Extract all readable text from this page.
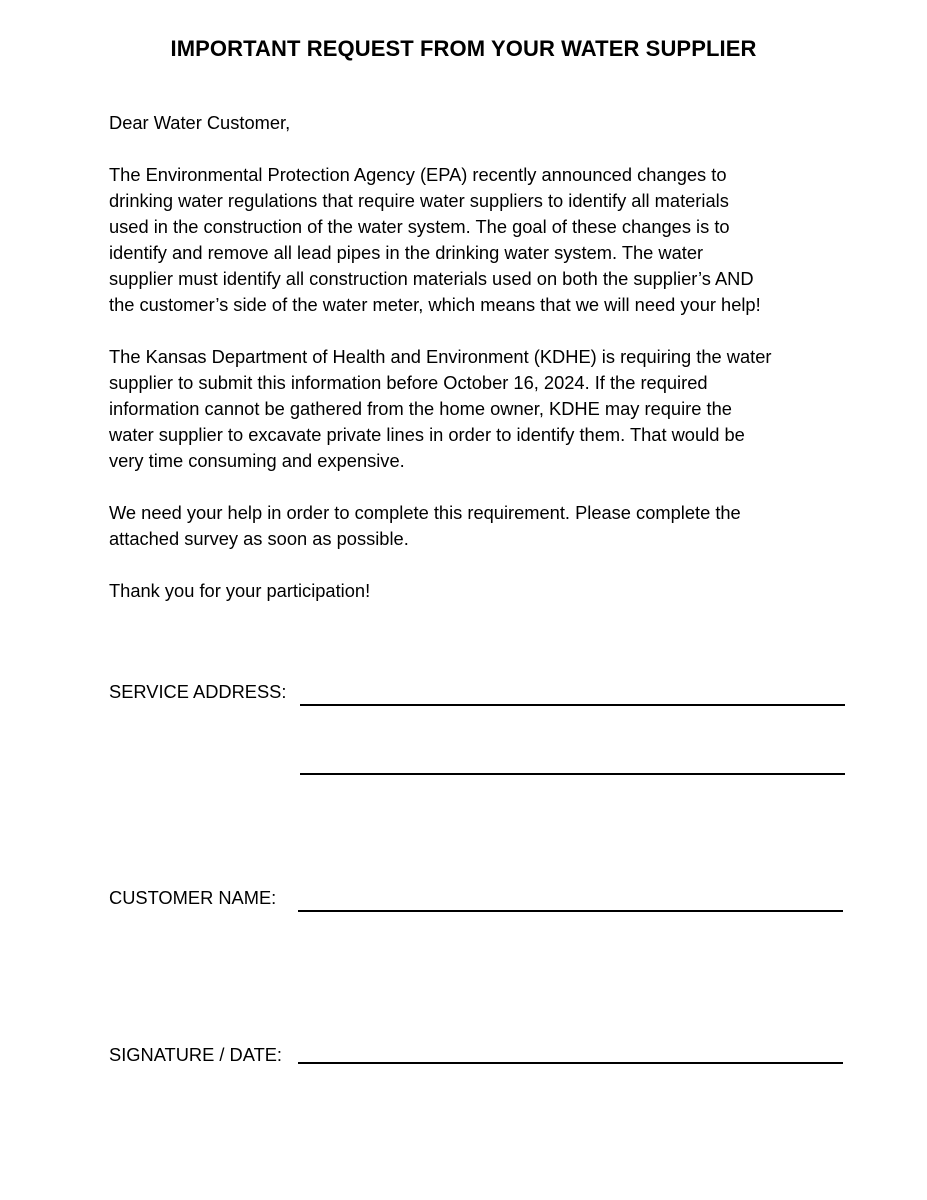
IMPORTANT REQUEST FROM YOUR WATER SUPPLIER

Dear Water Customer,

The Environmental Protection Agency (EPA) recently announced changes to
drinking water regulations that require water suppliers to identify all materials
used in the construction of the water system. The goal of these changes is to
identify and remove all lead pipes in the drinking water system. The water
supplier must identify all construction materials used on both the supplier’s AND
the customer’s side of the water meter, which means that we will need your help!

The Kansas Department of Health and Environment (KDHE) is requiring the water
supplier to submit this information before October 16, 2024. If the required
information cannot be gathered from the home owner, KDHE may require the
water supplier to excavate private lines in order to identify them. That would be
very time consuming and expensive.

We need your help in order to complete this requirement. Please complete the
attached survey as soon as possible.

Thank you for your participation!

SERVICE ADDRESS:
CUSTOMER NAME:
SIGNATURE / DATE:
